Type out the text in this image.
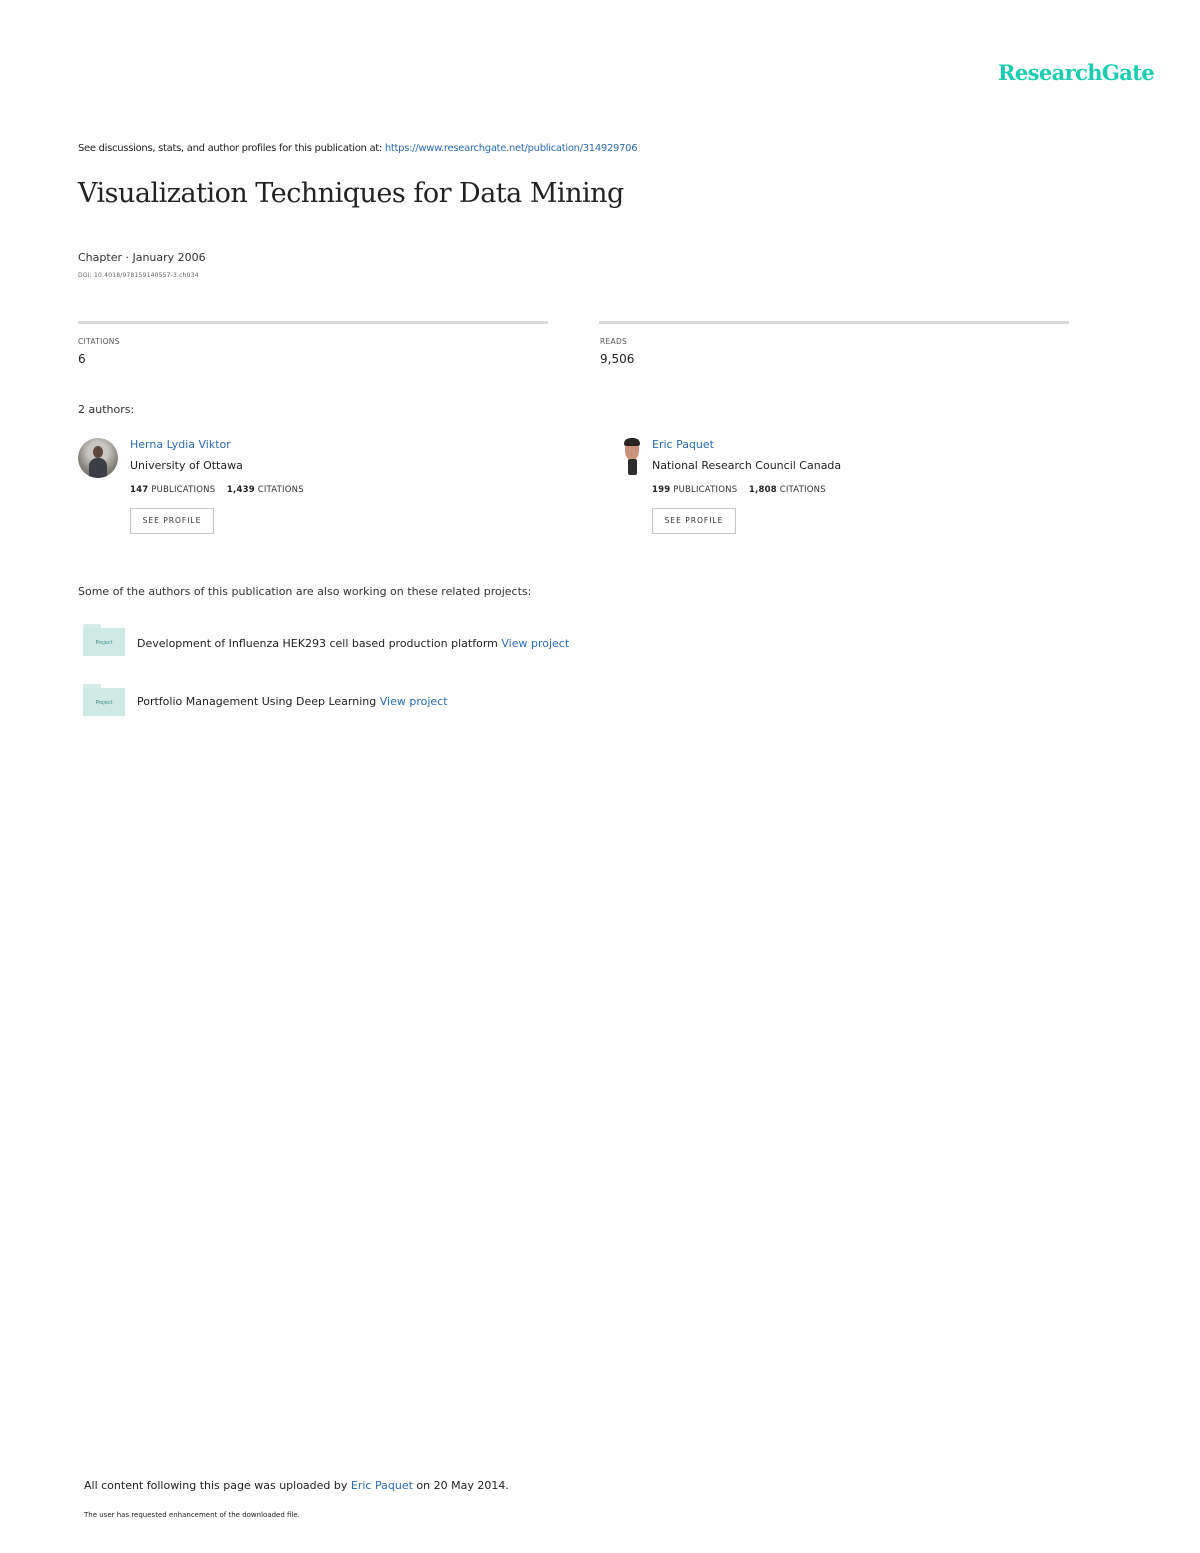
ResearchGate
See discussions, stats, and author profiles for this publication at: https://www.researchgate.net/publication/314929706
Visualization Techniques for Data Mining
Chapter · January 2006
DOI: 10.4018/978159140557-3.ch034
CITATIONS
6
READS
9,506
2 authors:
Herna Lydia Viktor
University of Ottawa
147 PUBLICATIONS 1,439 CITATIONS
SEE PROFILE
Eric Paquet
National Research Council Canada
199 PUBLICATIONS 1,808 CITATIONS
SEE PROFILE
Some of the authors of this publication are also working on these related projects:
Project	Development of Influenza HEK293 cell based production platform View project
Project	Portfolio Management Using Deep Learning View project
All content following this page was uploaded by Eric Paquet on 20 May 2014.
The user has requested enhancement of the downloaded file.
